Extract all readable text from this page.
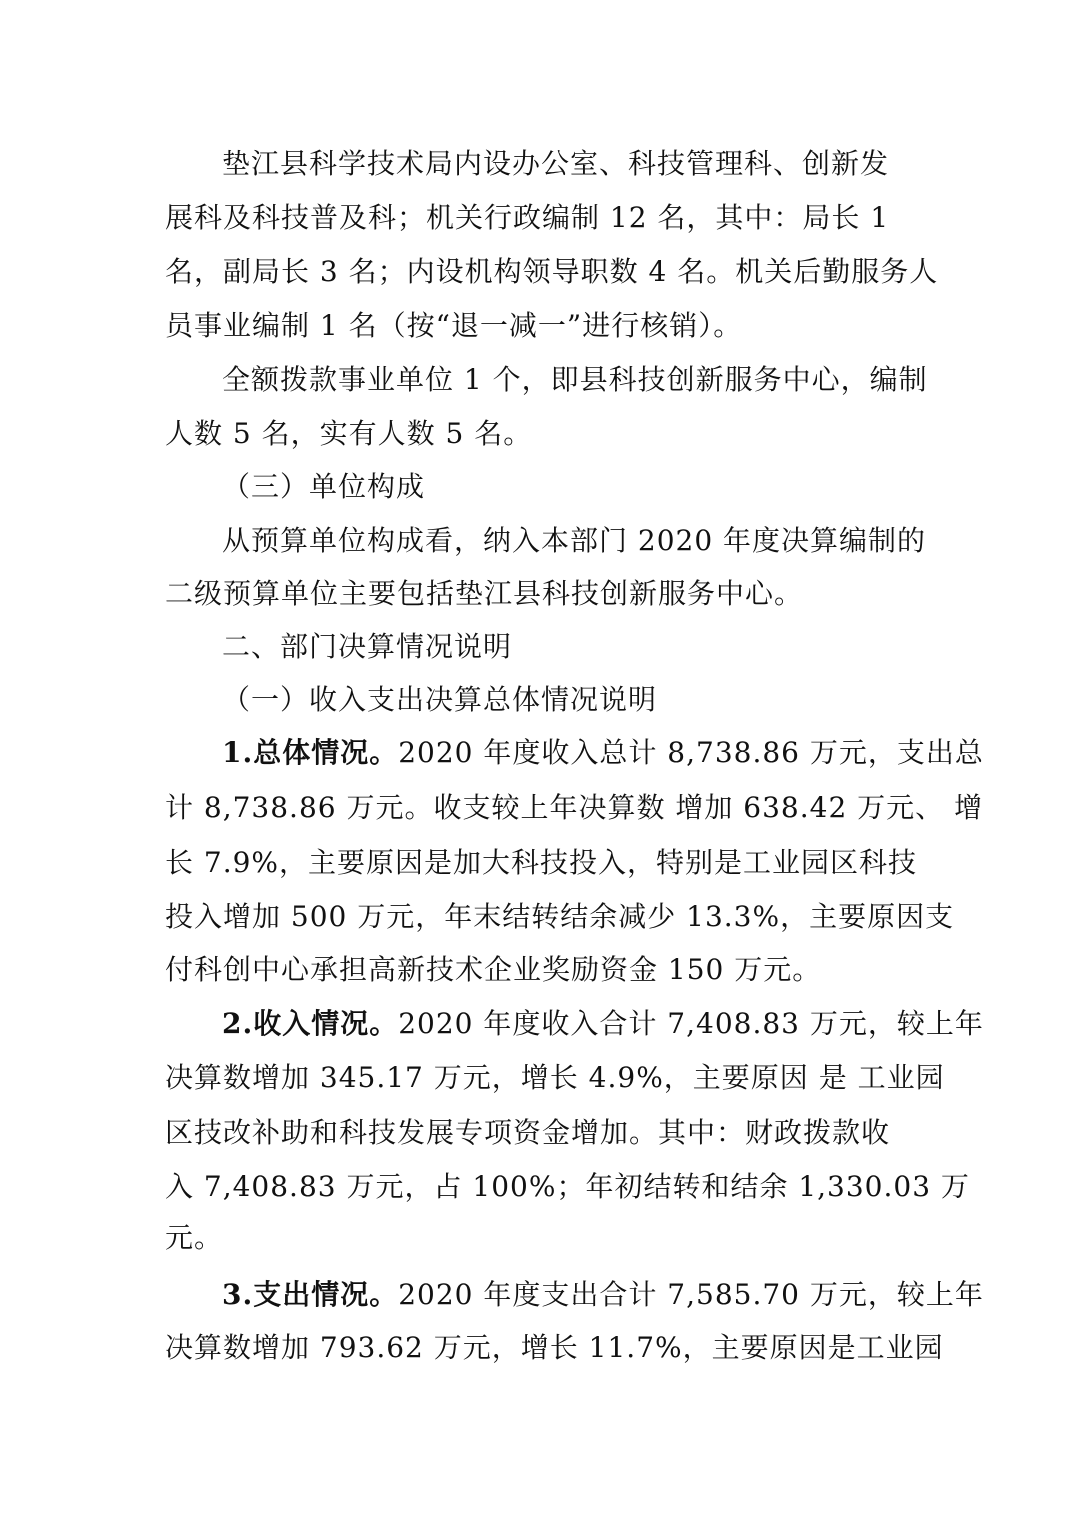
垫江县科学技术局内设办公室、科技管理科、创新发
展科及科技普及科；机关行政编制 12 名，其中：局长 1
名，副局长 3 名；内设机构领导职数 4 名。机关后勤服务人
员事业编制 1 名（按“退一减一”进行核销）。
全额拨款事业单位 1 个，即县科技创新服务中心，编制
人数 5 名，实有人数 5 名。
（三）单位构成
从预算单位构成看，纳入本部门 2020 年度决算编制的
二级预算单位主要包括垫江县科技创新服务中心。
二、部门决算情况说明
（一）收入支出决算总体情况说明
1.总体情况。2020 年度收入总计 8,738.86 万元，支出总
计 8,738.86 万元。收支较上年决算数 增加 638.42 万元、 增
长 7.9%，主要原因是加大科技投入，特别是工业园区科技
投入增加 500 万元，年末结转结余减少 13.3%，主要原因支
付科创中心承担高新技术企业奖励资金 150 万元。
2.收入情况。2020 年度收入合计 7,408.83 万元，较上年
决算数增加 345.17 万元，增长 4.9%，主要原因 是 工业园
区技改补助和科技发展专项资金增加。其中：财政拨款收
入 7,408.83 万元，占 100%；年初结转和结余 1,330.03 万
元。
3.支出情况。2020 年度支出合计 7,585.70 万元，较上年
决算数增加 793.62 万元，增长 11.7%，主要原因是工业园
